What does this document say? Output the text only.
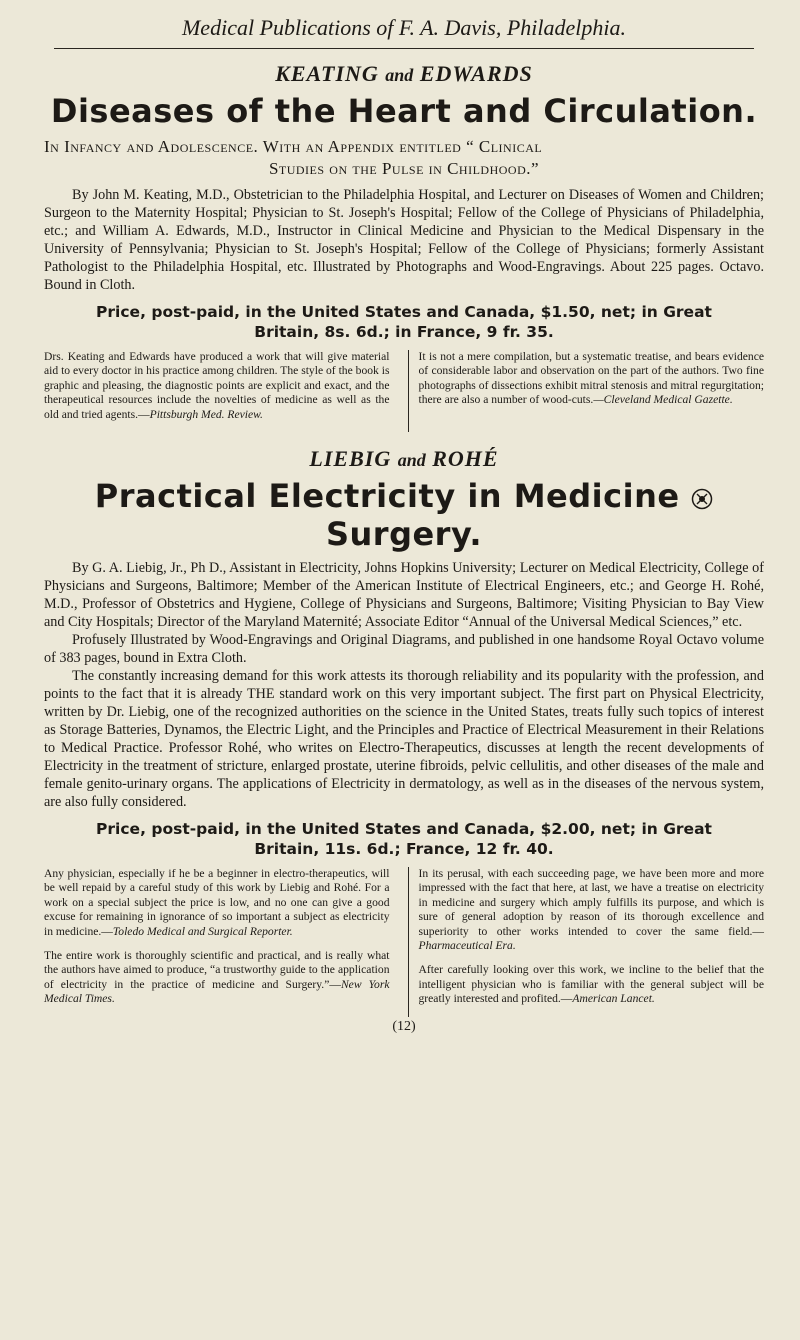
Medical Publications of F. A. Davis, Philadelphia.
KEATING and EDWARDS
Diseases of the Heart and Circulation.
In Infancy and Adolescence. With an Appendix entitled “ Clinical
Studies on the Pulse in Childhood.”

By John M. Keating, M.D., Obstetrician to the Philadelphia Hospital, and Lecturer on Diseases of Women and Children; Surgeon to the Maternity Hospital; Physician to St. Joseph's Hospital; Fellow of the College of Physicians of Philadelphia, etc.; and William A. Edwards, M.D., Instructor in Clinical Medicine and Physician to the Medical Dispensary in the University of Pennsylvania; Physician to St. Joseph's Hospital; Fellow of the College of Physicians; formerly Assistant Pathologist to the Philadelphia Hospital, etc. Illustrated by Photographs and Wood-Engravings. About 225 pages. Octavo. Bound in Cloth.

Price, post-paid, in the United States and Canada, $1.50, net; in Great
Britain, 8s. 6d.; in France, 9 fr. 35.

Drs. Keating and Edwards have produced a work that will give material aid to every doctor in his practice among children. The style of the book is graphic and pleasing, the diagnostic points are explicit and exact, and the therapeutical resources include the novelties of medicine as well as the old and tried agents.—Pittsburgh Med. Review.

It is not a mere compilation, but a systematic treatise, and bears evidence of considerable labor and observation on the part of the authors. Two fine photographs of dissections exhibit mitral stenosis and mitral regurgitation; there are also a number of wood-cuts.—Cleveland Medical Gazette.

LIEBIG and ROHÉ
Practical Electricity in Medicine  Surgery.

By G. A. Liebig, Jr., Ph D., Assistant in Electricity, Johns Hopkins University; Lecturer on Medical Electricity, College of Physicians and Surgeons, Baltimore; Member of the American Institute of Electrical Engineers, etc.; and George H. Rohé, M.D., Professor of Obstetrics and Hygiene, College of Physicians and Surgeons, Baltimore; Visiting Physician to Bay View and City Hospitals; Director of the Maryland Maternité; Associate Editor “Annual of the Universal Medical Sciences,” etc.

Profusely Illustrated by Wood-Engravings and Original Diagrams, and published in one handsome Royal Octavo volume of 383 pages, bound in Extra Cloth.

The constantly increasing demand for this work attests its thorough reliability and its popularity with the profession, and points to the fact that it is already THE standard work on this very important subject. The first part on Physical Electricity, written by Dr. Liebig, one of the recognized authorities on the science in the United States, treats fully such topics of interest as Storage Batteries, Dynamos, the Electric Light, and the Principles and Practice of Electrical Measurement in their Relations to Medical Practice. Professor Rohé, who writes on Electro-Therapeutics, discusses at length the recent developments of Electricity in the treatment of stricture, enlarged prostate, uterine fibroids, pelvic cellulitis, and other diseases of the male and female genito-urinary organs. The applications of Electricity in dermatology, as well as in the diseases of the nervous system, are also fully considered.

Price, post-paid, in the United States and Canada, $2.00, net; in Great
Britain, 11s. 6d.; France, 12 fr. 40.

Any physician, especially if he be a beginner in electro-therapeutics, will be well repaid by a careful study of this work by Liebig and Rohé. For a work on a special subject the price is low, and no one can give a good excuse for remaining in ignorance of so important a subject as electricity in medicine.—Toledo Medical and Surgical Reporter.

The entire work is thoroughly scientific and practical, and is really what the authors have aimed to produce, “a trustworthy guide to the application of electricity in the practice of medicine and Surgery.”—New York Medical Times.

In its perusal, with each succeeding page, we have been more and more impressed with the fact that here, at last, we have a treatise on electricity in medicine and surgery which amply fulfills its purpose, and which is sure of general adoption by reason of its thorough excellence and superiority to other works intended to cover the same field.—Pharmaceutical Era.

After carefully looking over this work, we incline to the belief that the intelligent physician who is familiar with the general subject will be greatly interested and profited.—American Lancet.

(12)
